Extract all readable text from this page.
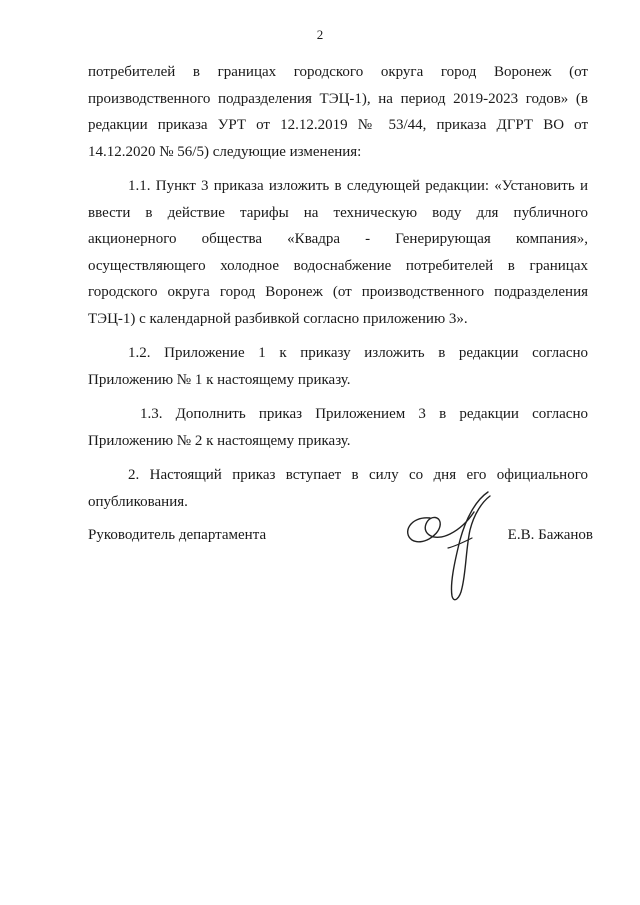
2

потребителей в границах городского округа город Воронеж (от производственного подразделения ТЭЦ-1), на период 2019-2023 годов» (в редакции приказа УРТ от 12.12.2019 № 53/44, приказа ДГРТ ВО от 14.12.2020 № 56/5) следующие изменения:

1.1. Пункт 3 приказа изложить в следующей редакции: «Установить и ввести в действие тарифы на техническую воду для публичного акционерного общества «Квадра - Генерирующая компания», осуществляющего холодное водоснабжение потребителей в границах городского округа город Воронеж (от производственного подразделения ТЭЦ-1) с календарной разбивкой согласно приложению 3».

1.2. Приложение 1 к приказу изложить в редакции согласно Приложению № 1 к настоящему приказу.

1.3. Дополнить приказ Приложением 3 в редакции согласно Приложению № 2 к настоящему приказу.

2. Настоящий приказ вступает в силу со дня его официального опубликования.

Руководитель департамента	Е.В. Бажанов
